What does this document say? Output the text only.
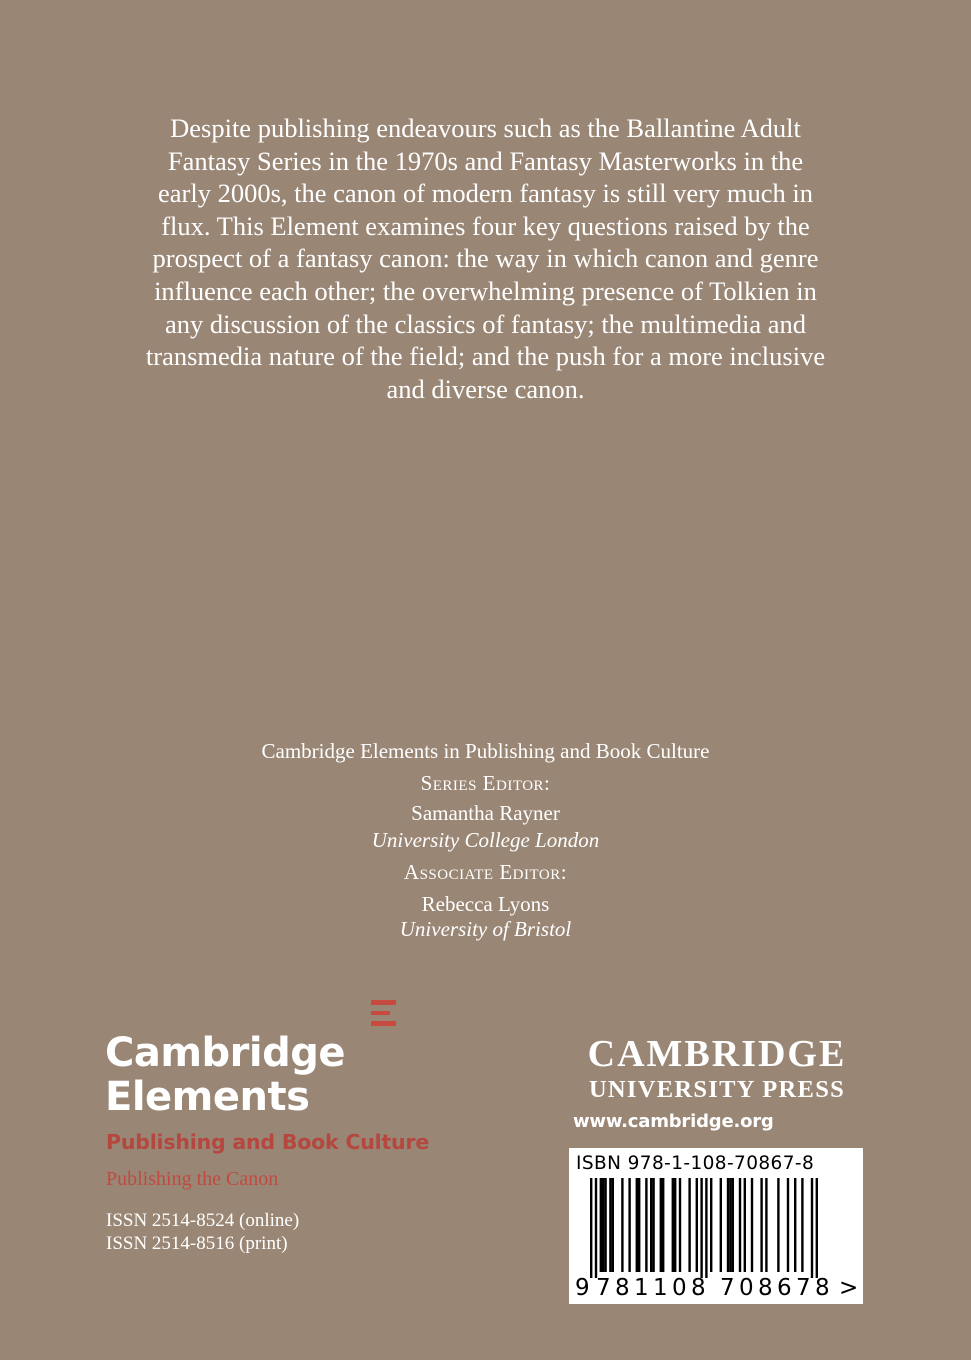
Despite publishing endeavours such as the Ballantine Adult
Fantasy Series in the 1970s and Fantasy Masterworks in the
early 2000s, the canon of modern fantasy is still very much in
flux. This Element examines four key questions raised by the
prospect of a fantasy canon: the way in which canon and genre
influence each other; the overwhelming presence of Tolkien in
any discussion of the classics of fantasy; the multimedia and
transmedia nature of the field; and the push for a more inclusive
and diverse canon.
Cambridge Elements in Publishing and Book Culture
Series Editor:
Samantha Rayner
University College London
Associate Editor:
Rebecca Lyons
University of Bristol
Cambridge
Elements
Publishing and Book Culture
Publishing the Canon
ISSN 2514-8524 (online)
ISSN 2514-8516 (print)
CAMBRIDGE
UNIVERSITY PRESS
www.cambridge.org
ISBN 978-1-108-70867-8
9 7 8 1 1 0 8 7 0 8 6 7 8 >
